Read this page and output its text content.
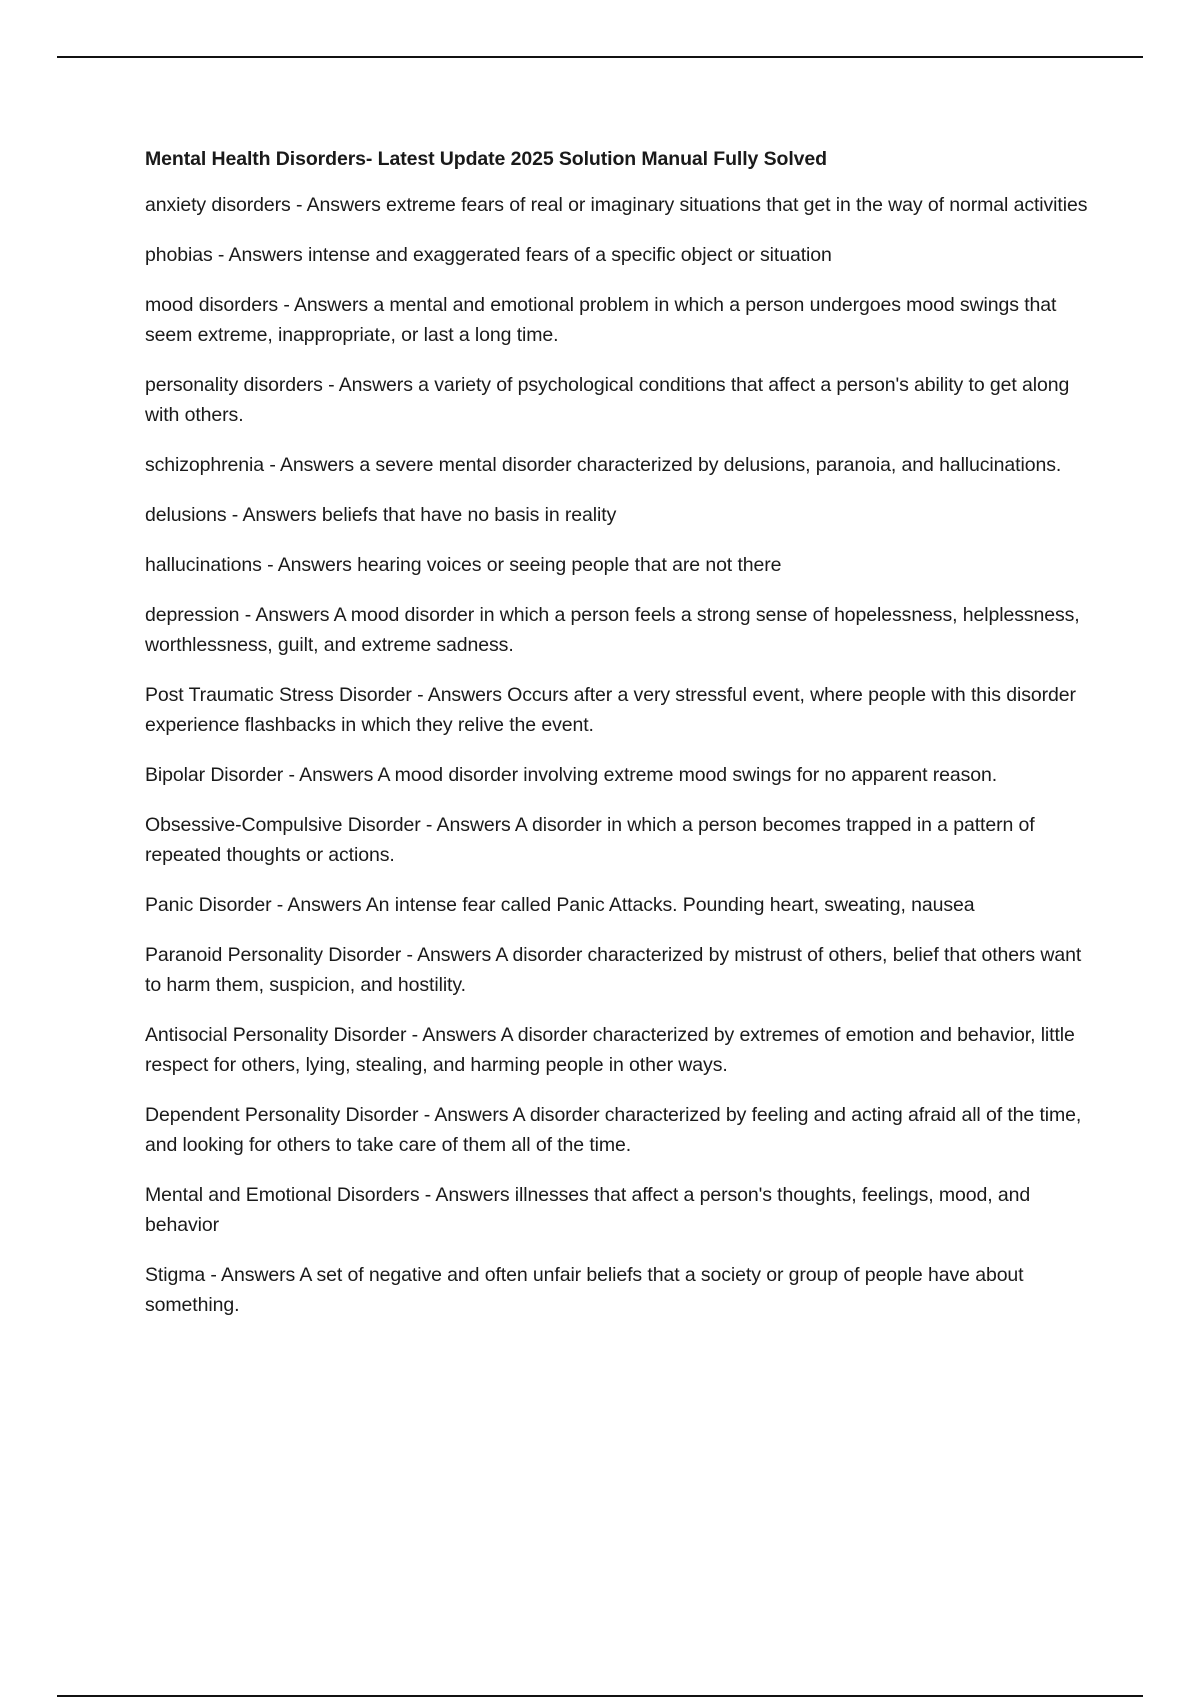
Mental Health Disorders- Latest Update 2025 Solution Manual Fully Solved

anxiety disorders - Answers extreme fears of real or imaginary situations that get in the way of normal activities

phobias - Answers intense and exaggerated fears of a specific object or situation

mood disorders - Answers a mental and emotional problem in which a person undergoes mood swings that seem extreme, inappropriate, or last a long time.

personality disorders - Answers a variety of psychological conditions that affect a person's ability to get along with others.

schizophrenia - Answers a severe mental disorder characterized by delusions, paranoia, and hallucinations.

delusions - Answers beliefs that have no basis in reality

hallucinations - Answers hearing voices or seeing people that are not there

depression - Answers A mood disorder in which a person feels a strong sense of hopelessness, helplessness, worthlessness, guilt, and extreme sadness.

Post Traumatic Stress Disorder - Answers Occurs after a very stressful event, where people with this disorder experience flashbacks in which they relive the event.

Bipolar Disorder - Answers A mood disorder involving extreme mood swings for no apparent reason.

Obsessive-Compulsive Disorder - Answers A disorder in which a person becomes trapped in a pattern of repeated thoughts or actions.

Panic Disorder - Answers An intense fear called Panic Attacks. Pounding heart, sweating, nausea

Paranoid Personality Disorder - Answers A disorder characterized by mistrust of others, belief that others want to harm them, suspicion, and hostility.

Antisocial Personality Disorder - Answers A disorder characterized by extremes of emotion and behavior, little respect for others, lying, stealing, and harming people in other ways.

Dependent Personality Disorder - Answers A disorder characterized by feeling and acting afraid all of the time, and looking for others to take care of them all of the time.

Mental and Emotional Disorders - Answers illnesses that affect a person's thoughts, feelings, mood, and behavior

Stigma - Answers A set of negative and often unfair beliefs that a society or group of people have about something.
